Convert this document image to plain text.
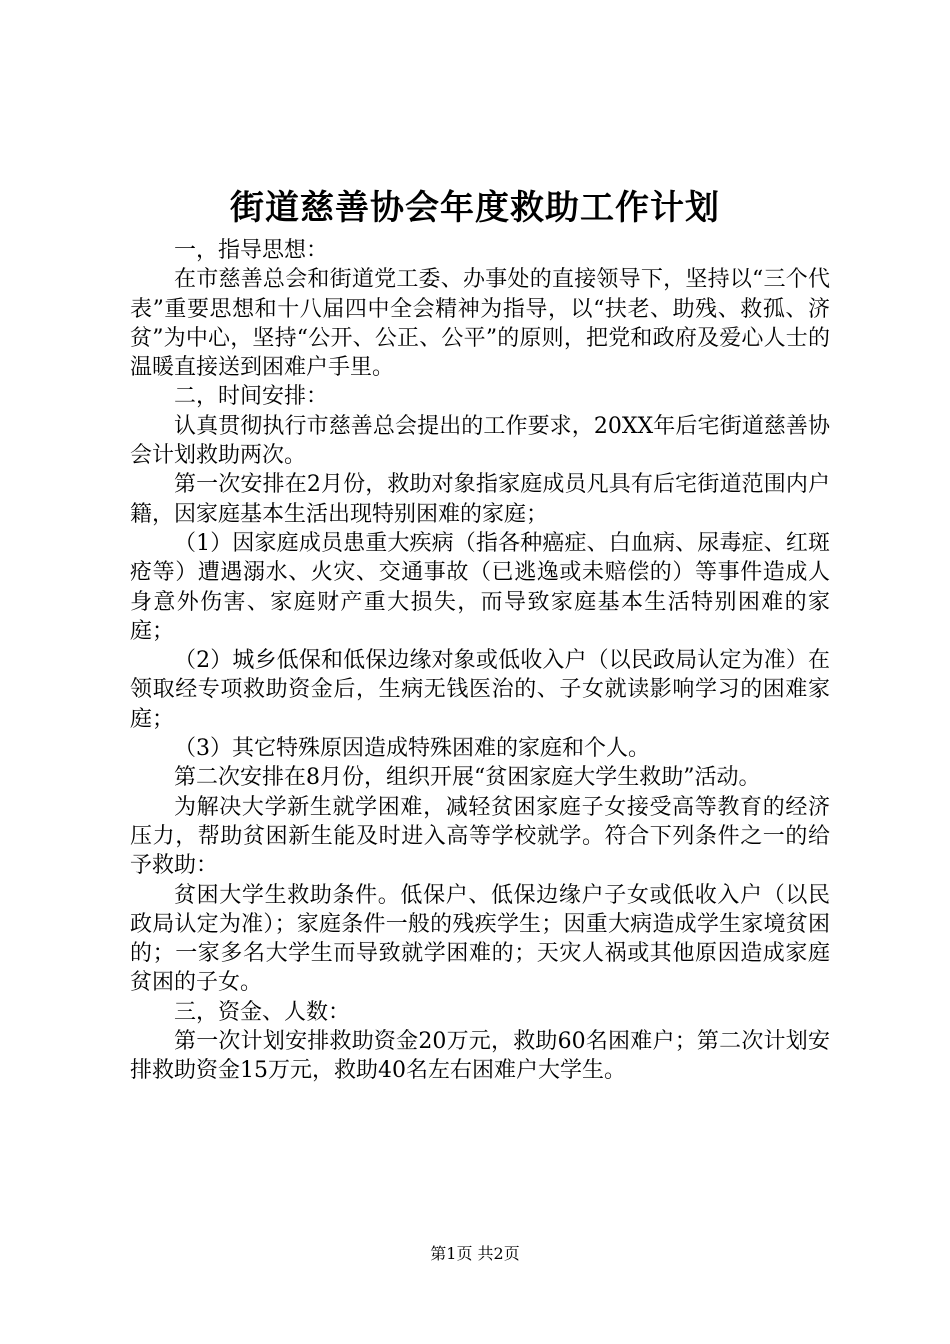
街道慈善协会年度救助工作计划

一，指导思想：

在市慈善总会和街道党工委、办事处的直接领导下，坚持以“三个代表”重要思想和十八届四中全会精神为指导，以“扶老、助残、救孤、济贫”为中心，坚持“公开、公正、公平”的原则，把党和政府及爱心人士的温暖直接送到困难户手里。

二，时间安排：

认真贯彻执行市慈善总会提出的工作要求，20XX年后宅街道慈善协会计划救助两次。

第一次安排在2月份，救助对象指家庭成员凡具有后宅街道范围内户籍，因家庭基本生活出现特别困难的家庭；

（1）因家庭成员患重大疾病（指各种癌症、白血病、尿毒症、红斑疮等）遭遇溺水、火灾、交通事故（已逃逸或未赔偿的）等事件造成人身意外伤害、家庭财产重大损失，而导致家庭基本生活特别困难的家庭；

（2）城乡低保和低保边缘对象或低收入户（以民政局认定为准）在领取经专项救助资金后，生病无钱医治的、子女就读影响学习的困难家庭；

（3）其它特殊原因造成特殊困难的家庭和个人。

第二次安排在8月份，组织开展“贫困家庭大学生救助”活动。

为解决大学新生就学困难，减轻贫困家庭子女接受高等教育的经济压力，帮助贫困新生能及时进入高等学校就学。符合下列条件之一的给予救助：

贫困大学生救助条件。低保户、低保边缘户子女或低收入户（以民政局认定为准）；家庭条件一般的残疾学生；因重大病造成学生家境贫困的；一家多名大学生而导致就学困难的；天灾人祸或其他原因造成家庭贫困的子女。

三，资金、人数：

第一次计划安排救助资金20万元，救助60名困难户；第二次计划安排救助资金15万元，救助40名左右困难户大学生。

第1页 共2页
